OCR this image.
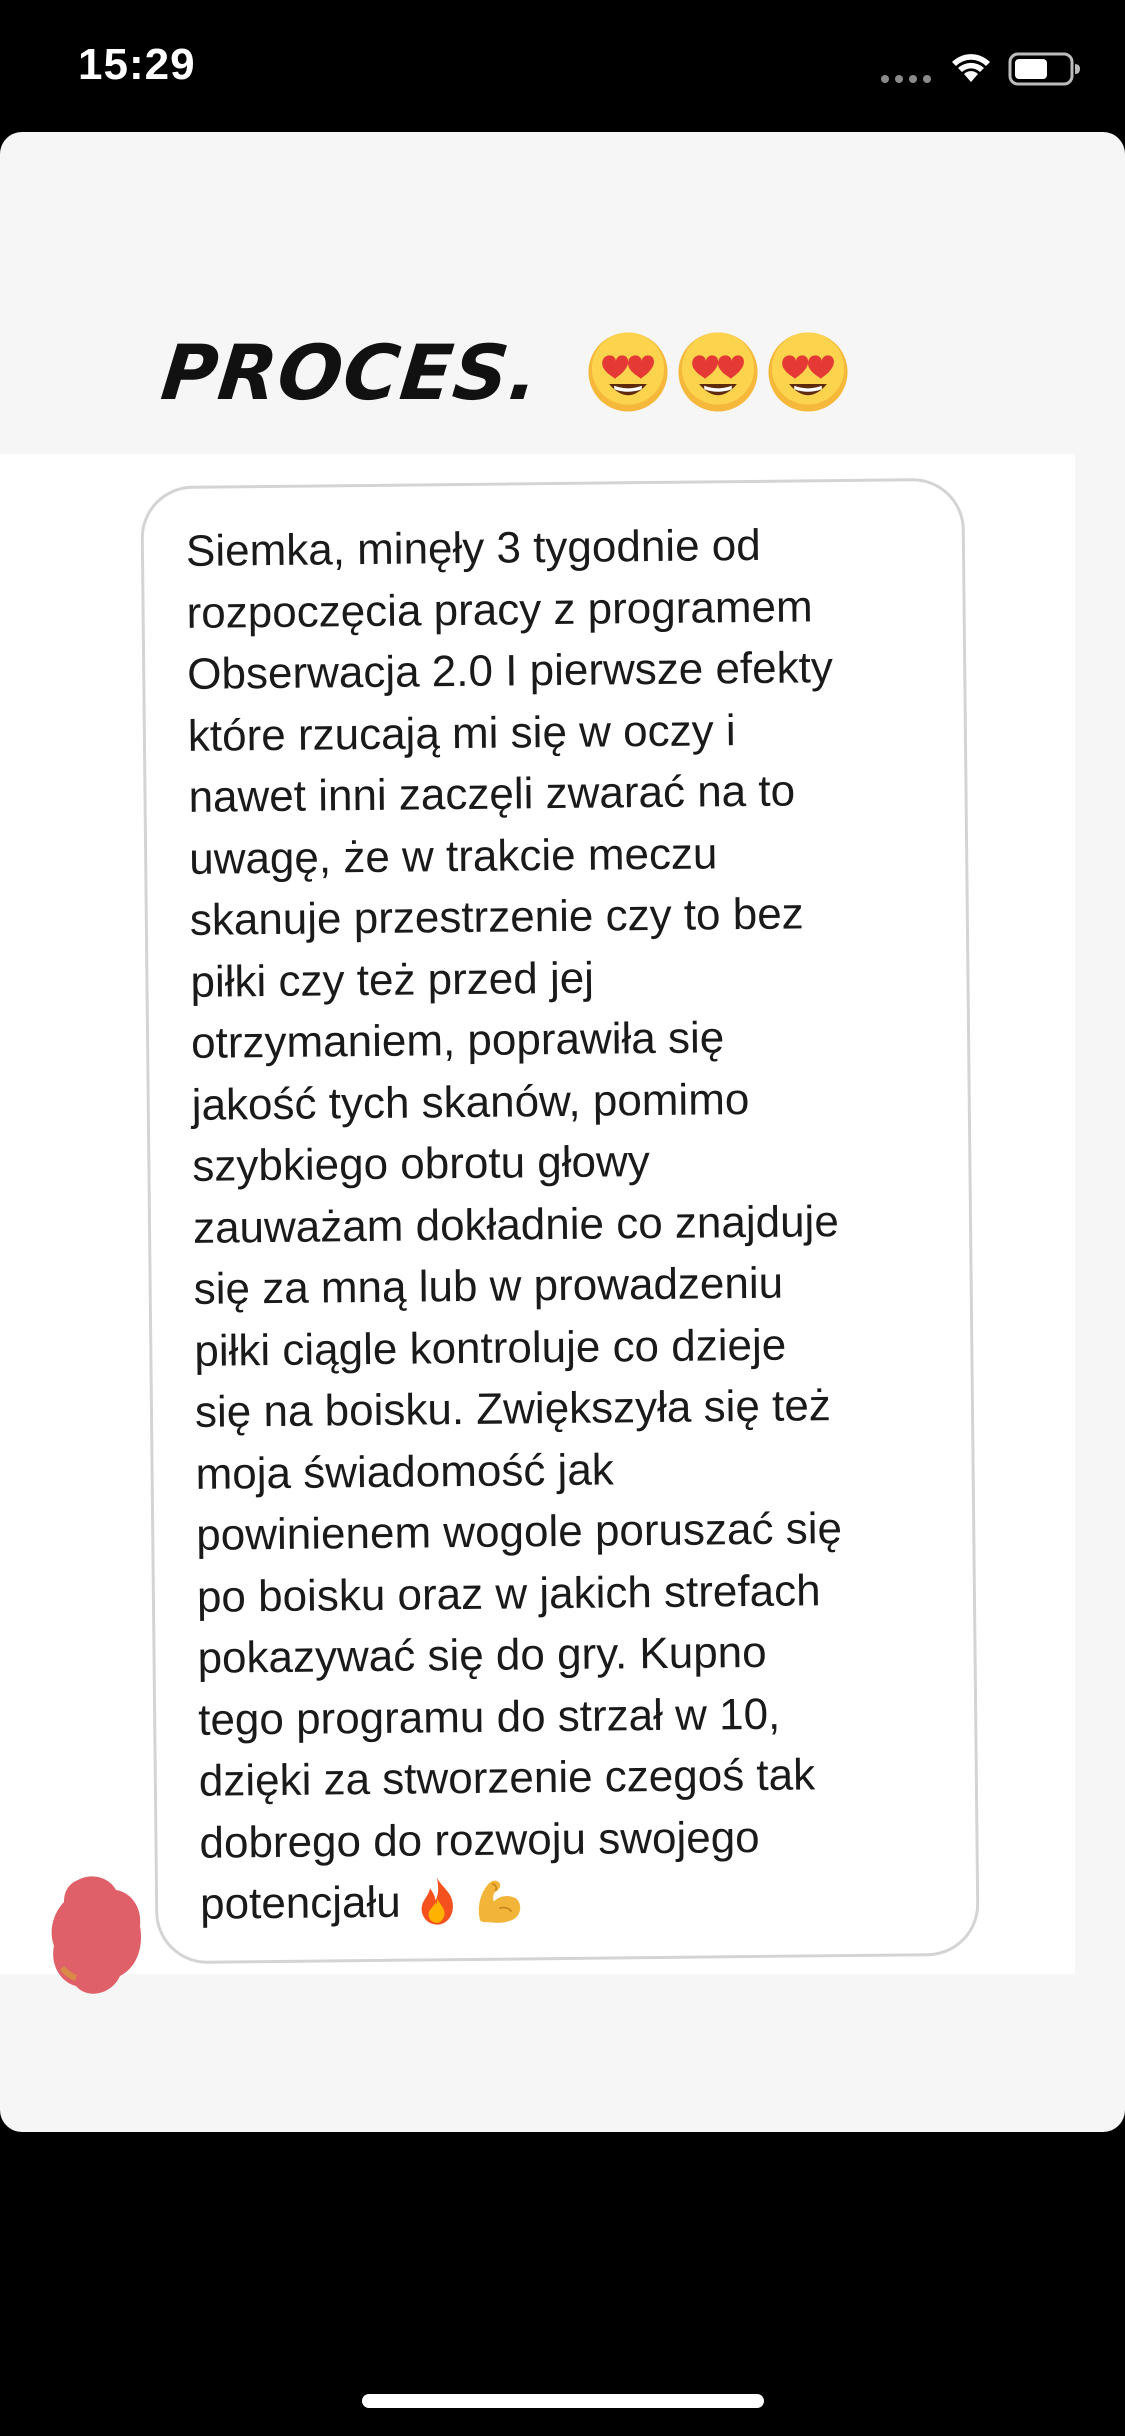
15:29
PROCES.
Siemka, minęły 3 tygodnie od
rozpoczęcia pracy z programem
Obserwacja 2.0 I pierwsze efekty
które rzucają mi się w oczy i
nawet inni zaczęli zwarać na to
uwagę, że w trakcie meczu
skanuje przestrzenie czy to bez
piłki czy też przed jej
otrzymaniem, poprawiła się
jakość tych skanów, pomimo
szybkiego obrotu głowy
zauważam dokładnie co znajduje
się za mną lub w prowadzeniu
piłki ciągle kontroluje co dzieje
się na boisku. Zwiększyła się też
moja świadomość jak
powinienem wogole poruszać się
po boisku oraz w jakich strefach
pokazywać się do gry. Kupno
tego programu do strzał w 10,
dzięki za stworzenie czegoś tak
dobrego do rozwoju swojego
potencjału
